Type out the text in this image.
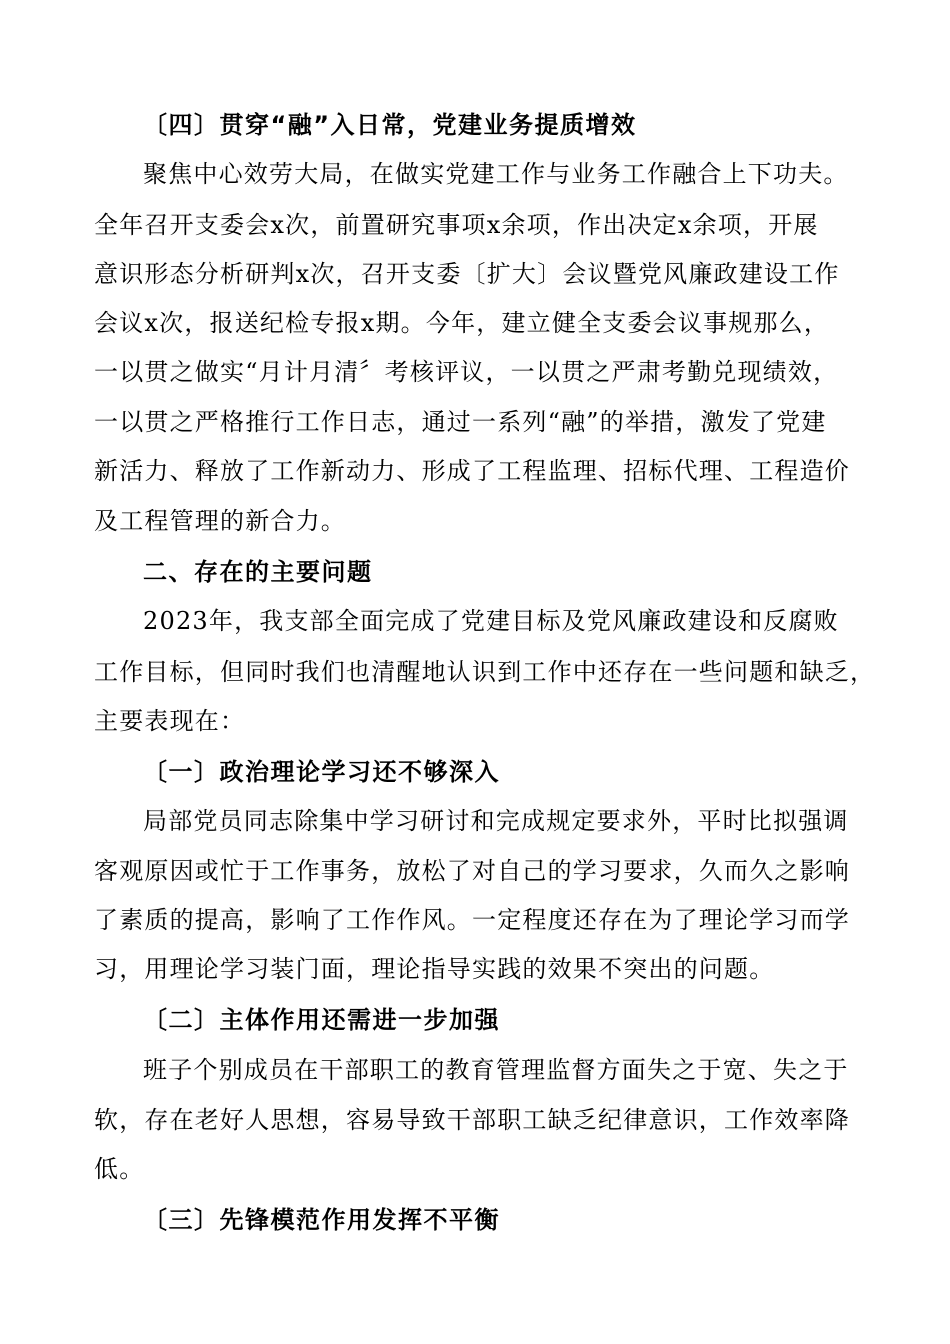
〔四〕贯穿“融”入日常，党建业务提质增效
聚焦中心效劳大局，在做实党建工作与业务工作融合上下功夫。
全年召开支委会x次，前置研究事项x余项，作出决定x余项，开展
意识形态分析研判x次，召开支委〔扩大〕会议暨党风廉政建设工作
会议x次，报送纪检专报x期。今年，建立健全支委会议事规那么，
一以贯之做实“月计月清〞考核评议，一以贯之严肃考勤兑现绩效，
一以贯之严格推行工作日志，通过一系列“融”的举措，激发了党建
新活力、释放了工作新动力、形成了工程监理、招标代理、工程造价
及工程管理的新合力。
二、存在的主要问题
2023年，我支部全面完成了党建目标及党风廉政建设和反腐败
工作目标，但同时我们也清醒地认识到工作中还存在一些问题和缺乏，
主要表现在：
〔一〕政治理论学习还不够深入
局部党员同志除集中学习研讨和完成规定要求外，平时比拟强调
客观原因或忙于工作事务，放松了对自己的学习要求，久而久之影响
了素质的提高，影响了工作作风。一定程度还存在为了理论学习而学
习，用理论学习装门面，理论指导实践的效果不突出的问题。
〔二〕主体作用还需进一步加强
班子个别成员在干部职工的教育管理监督方面失之于宽、失之于
软，存在老好人思想，容易导致干部职工缺乏纪律意识，工作效率降
低。
〔三〕先锋模范作用发挥不平衡
